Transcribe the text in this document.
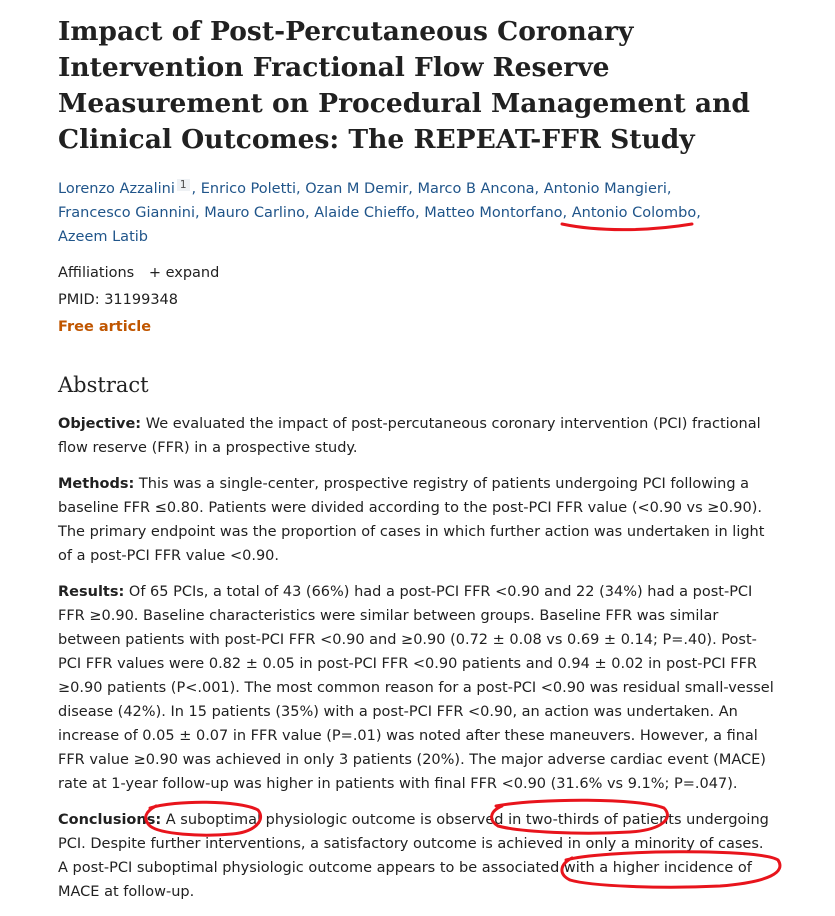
Impact of Post-Percutaneous Coronary Intervention Fractional Flow Reserve Measurement on Procedural Management and Clinical Outcomes: The REPEAT-FFR Study
Lorenzo Azzalini $^1$ , Enrico Poletti, Ozan M Demir, Marco B Ancona, Antonio Mangieri,
Francesco Giannini, Mauro Carlino, Alaide Chieffo, Matteo Montorfano, Antonio Colombo,
Azeem Latib
Affiliations + expand
PMID: 31199348
Free article
Abstract

Objective: We evaluated the impact of post-percutaneous coronary intervention (PCI) fractional flow reserve (FFR) in a prospective study.

Methods: This was a single-center, prospective registry of patients undergoing PCI following a baseline FFR ≤0.80. Patients were divided according to the post-PCI FFR value (<0.90 vs ≥0.90). The primary endpoint was the proportion of cases in which further action was undertaken in light of a post-PCI FFR value <0.90.

Results: Of 65 PCIs, a total of 43 (66%) had a post-PCI FFR <0.90 and 22 (34%) had a post-PCI FFR ≥0.90. Baseline characteristics were similar between groups. Baseline FFR was similar between patients with post-PCI FFR <0.90 and ≥0.90 (0.72 ± 0.08 vs 0.69 ± 0.14; P=.40). Post-PCI FFR values were 0.82 ± 0.05 in post-PCI FFR <0.90 patients and 0.94 ± 0.02 in post-PCI FFR ≥0.90 patients (P<.001). The most common reason for a post-PCI <0.90 was residual small-vessel disease (42%). In 15 patients (35%) with a post-PCI FFR <0.90, an action was undertaken. An increase of 0.05 ± 0.07 in FFR value (P=.01) was noted after these maneuvers. However, a final FFR value ≥0.90 was achieved in only 3 patients (20%). The major adverse cardiac event (MACE) rate at 1-year follow-up was higher in patients with final FFR <0.90 (31.6% vs 9.1%; P=.047).

Conclusions: A suboptimal physiologic outcome is observed in two-thirds of patients undergoing PCI. Despite further interventions, a satisfactory outcome is achieved in only a minority of cases. A post-PCI suboptimal physiologic outcome appears to be associated with a higher incidence of MACE at follow-up.
